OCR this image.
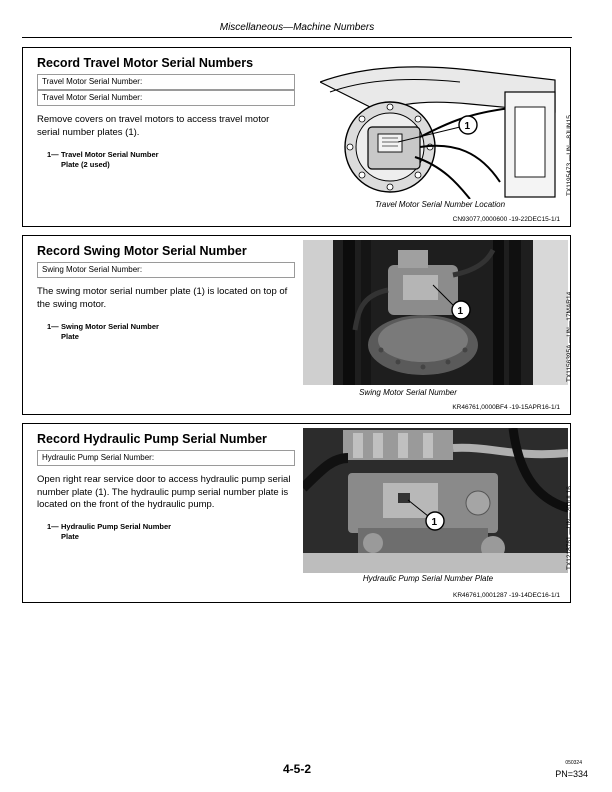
Miscellaneous—Machine Numbers
Record Travel Motor Serial Numbers
Travel Motor Serial Number:
Travel Motor Serial Number:

Remove covers on travel motors to access travel motor serial number plates (1).

1— Travel Motor Serial Number Plate (2 used)
1	TX1195473 —UN—8JUN15
Travel Motor Serial Number Location
CN93077,0000600 -19-22DEC15-1/1
Record Swing Motor Serial Number
Swing Motor Serial Number:

The swing motor serial number plate (1) is located on top of the swing motor.

1— Swing Motor Serial Number Plate
1	TX1156395A —UN—17MAR14
Swing Motor Serial Number
KR46761,0000BF4 -19-15APR16-1/1
Record Hydraulic Pump Serial Number
Hydraulic Pump Serial Number:

Open right rear service door to access hydraulic pump serial number plate (1). The hydraulic pump serial number plate is located on the front of the hydraulic pump.

1— Hydraulic Pump Serial Number Plate
1	TX1218761 —UN—20JUL16
Hydraulic Pump Serial Number Plate
KR46761,0001287 -19-14DEC16-1/1
050324
4-5-2	PN=334
